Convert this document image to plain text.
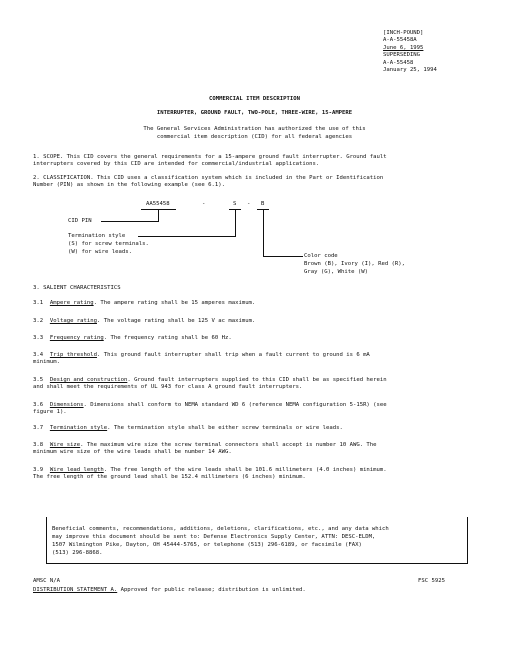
[INCH-POUND]
A-A-55458A
June 6, 1995
SUPERSEDING
A-A-55458
January 25, 1994
COMMERCIAL ITEM DESCRIPTION
INTERRUPTER, GROUND FAULT, TWO-POLE, THREE-WIRE, 15-AMPERE
The General Services Administration has authorized the use of this
commercial item description (CID) for all federal agencies
1. SCOPE. This CID covers the general requirements for a 15-ampere ground fault interrupter. Ground fault
interrupters covered by this CID are intended for commercial/industrial applications.
2. CLASSIFICATION. This CID uses a classification system which is included in the Part or Identification
Number (PIN) as shown in the following example (see 6.1).
AA55458	-	S - B
CID PIN
Termination style
(S) for screw terminals.
(W) for wire leads.
Color code
Brown (B), Ivory (I), Red (R),
Gray (G), White (W)
3. SALIENT CHARACTERISTICS
3.1 Ampere rating. The ampere rating shall be 15 amperes maximum.
3.2 Voltage rating. The voltage rating shall be 125 V ac maximum.
3.3 Frequency rating. The frequency rating shall be 60 Hz.
3.4 Trip threshold. This ground fault interrupter shall trip when a fault current to ground is 6 mA
minimum.
3.5 Design and construction. Ground fault interrupters supplied to this CID shall be as specified herein
and shall meet the requirements of UL 943 for class A ground fault interrupters.
3.6 Dimensions. Dimensions shall conform to NEMA standard WD 6 (reference NEMA configuration 5-15R) (see
figure 1).
3.7 Termination style. The termination style shall be either screw terminals or wire leads.
3.8 Wire size. The maximum wire size the screw terminal connectors shall accept is number 10 AWG. The
minimum wire size of the wire leads shall be number 14 AWG.
3.9 Wire lead length. The free length of the wire leads shall be 101.6 millimeters (4.0 inches) minimum.
The free length of the ground lead shall be 152.4 millimeters (6 inches) minimum.
Beneficial comments, recommendations, additions, deletions, clarifications, etc., and any data which
may improve this document should be sent to: Defense Electronics Supply Center, ATTN: DESC-ELDM,
1507 Wilmington Pike, Dayton, OH 45444-5765, or telephone (513) 296-6189, or facsimile (FAX)
(513) 296-8868.
AMSC N/A	FSC 5925
DISTRIBUTION STATEMENT A. Approved for public release; distribution is unlimited.
